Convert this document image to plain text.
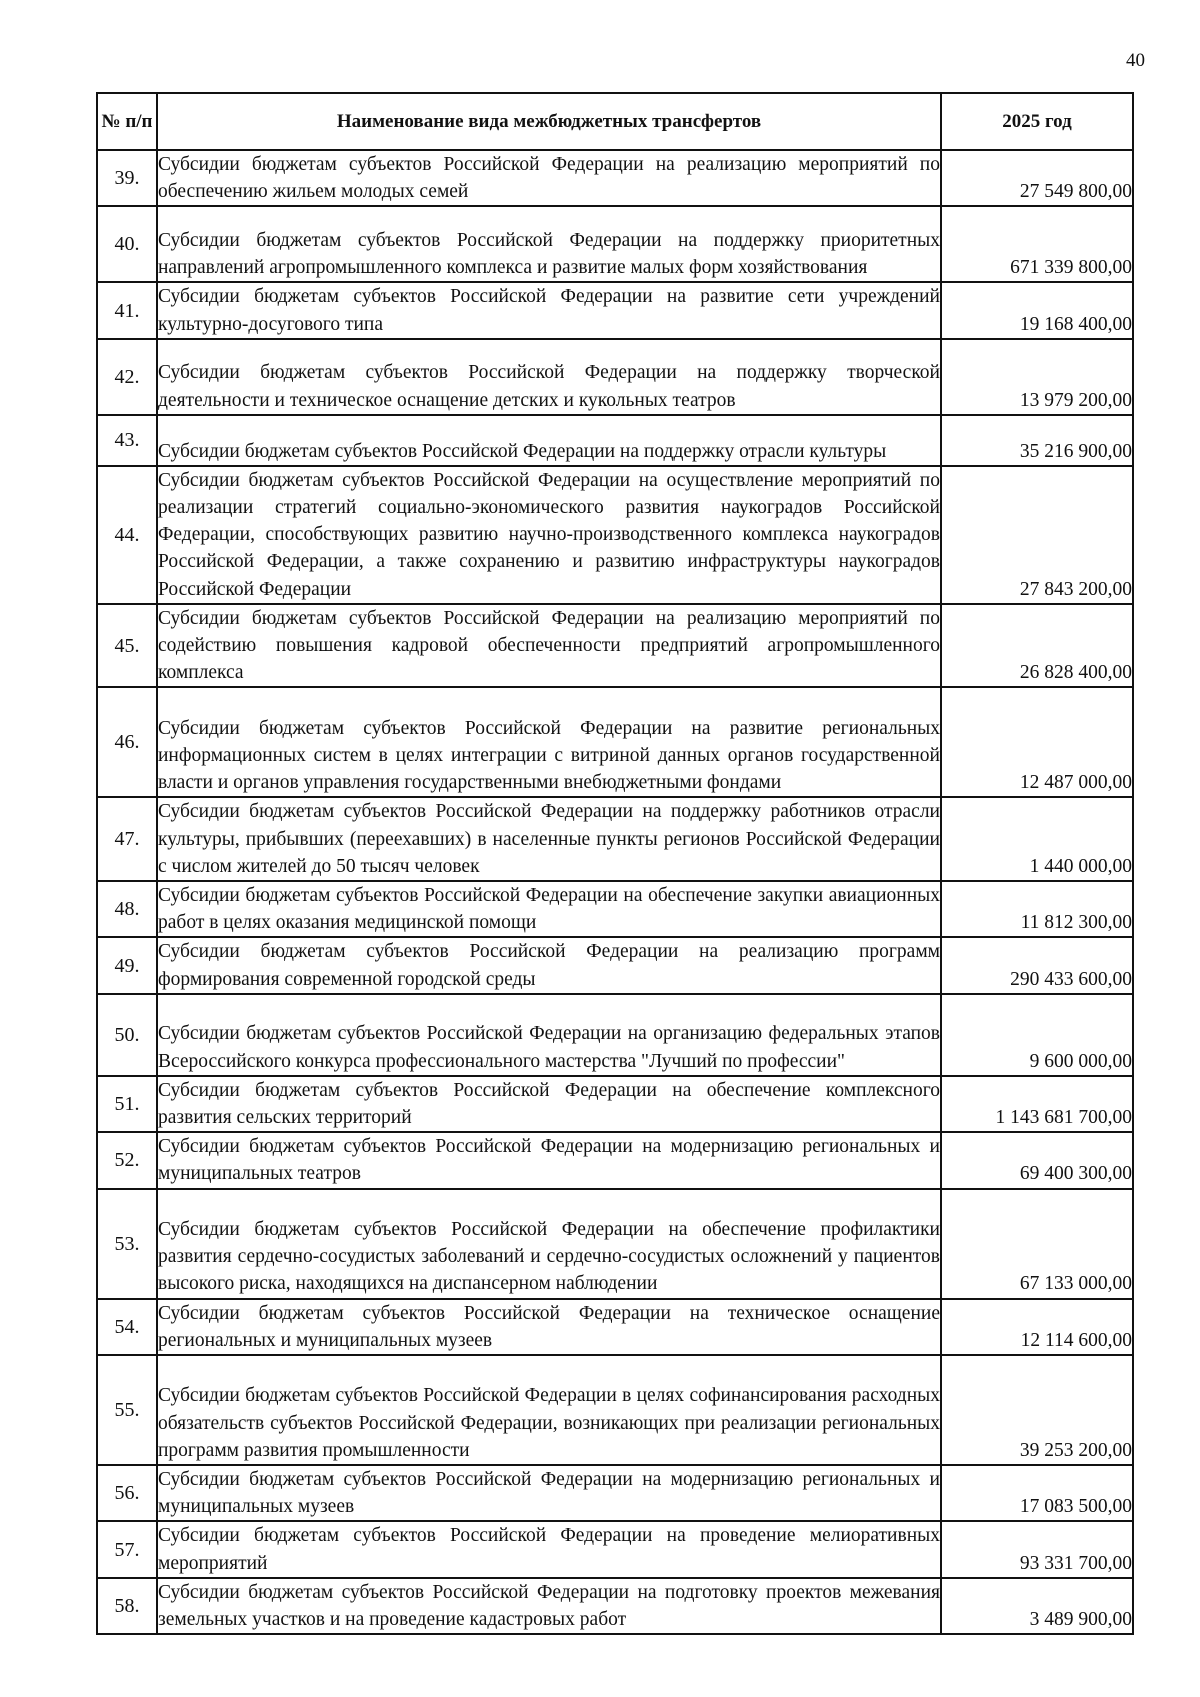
40
№ п/п	Наименование вида межбюджетных трансфертов	2025 год
39.	Субсидии бюджетам субъектов Российской Федерации на реализацию мероприятий по обеспечению жильем молодых семей	27 549 800,00
40.	Субсидии бюджетам субъектов Российской Федерации на поддержку приоритетных направлений агропромышленного комплекса и развитие малых форм хозяйствования	671 339 800,00
41.	Субсидии бюджетам субъектов Российской Федерации на развитие сети учреждений культурно-досугового типа	19 168 400,00
42.	Субсидии бюджетам субъектов Российской Федерации на поддержку творческой деятельности и техническое оснащение детских и кукольных театров	13 979 200,00
43.	Субсидии бюджетам субъектов Российской Федерации на поддержку отрасли культуры	35 216 900,00
44.	Субсидии бюджетам субъектов Российской Федерации на осуществление мероприятий по реализации стратегий социально-экономического развития наукоградов Российской Федерации, способствующих развитию научно-производственного комплекса наукоградов Российской Федерации, а также сохранению и развитию инфраструктуры наукоградов Российской Федерации	27 843 200,00
45.	Субсидии бюджетам субъектов Российской Федерации на реализацию мероприятий по содействию повышения кадровой обеспеченности предприятий агропромышленного комплекса	26 828 400,00
46.	Субсидии бюджетам субъектов Российской Федерации на развитие региональных информационных систем в целях интеграции с витриной данных органов государственной власти и органов управления государственными внебюджетными фондами	12 487 000,00
47.	Субсидии бюджетам субъектов Российской Федерации на поддержку работников отрасли культуры, прибывших (переехавших) в населенные пункты регионов Российской Федерации с числом жителей до 50 тысяч человек	1 440 000,00
48.	Субсидии бюджетам субъектов Российской Федерации на обеспечение закупки авиационных работ в целях оказания медицинской помощи	11 812 300,00
49.	Субсидии бюджетам субъектов Российской Федерации на реализацию программ формирования современной городской среды	290 433 600,00
50.	Субсидии бюджетам субъектов Российской Федерации на организацию федеральных этапов Всероссийского конкурса профессионального мастерства "Лучший по профессии"	9 600 000,00
51.	Субсидии бюджетам субъектов Российской Федерации на обеспечение комплексного развития сельских территорий	1 143 681 700,00
52.	Субсидии бюджетам субъектов Российской Федерации на модернизацию региональных и муниципальных театров	69 400 300,00
53.	Субсидии бюджетам субъектов Российской Федерации на обеспечение профилактики развития сердечно-сосудистых заболеваний и сердечно-сосудистых осложнений у пациентов высокого риска, находящихся на диспансерном наблюдении	67 133 000,00
54.	Субсидии бюджетам субъектов Российской Федерации на техническое оснащение региональных и муниципальных музеев	12 114 600,00
55.	Субсидии бюджетам субъектов Российской Федерации в целях софинансирования расходных обязательств субъектов Российской Федерации, возникающих при реализации региональных программ развития промышленности	39 253 200,00
56.	Субсидии бюджетам субъектов Российской Федерации на модернизацию региональных и муниципальных музеев	17 083 500,00
57.	Субсидии бюджетам субъектов Российской Федерации на проведение мелиоративных мероприятий	93 331 700,00
58.	Субсидии бюджетам субъектов Российской Федерации на подготовку проектов межевания земельных участков и на проведение кадастровых работ	3 489 900,00
